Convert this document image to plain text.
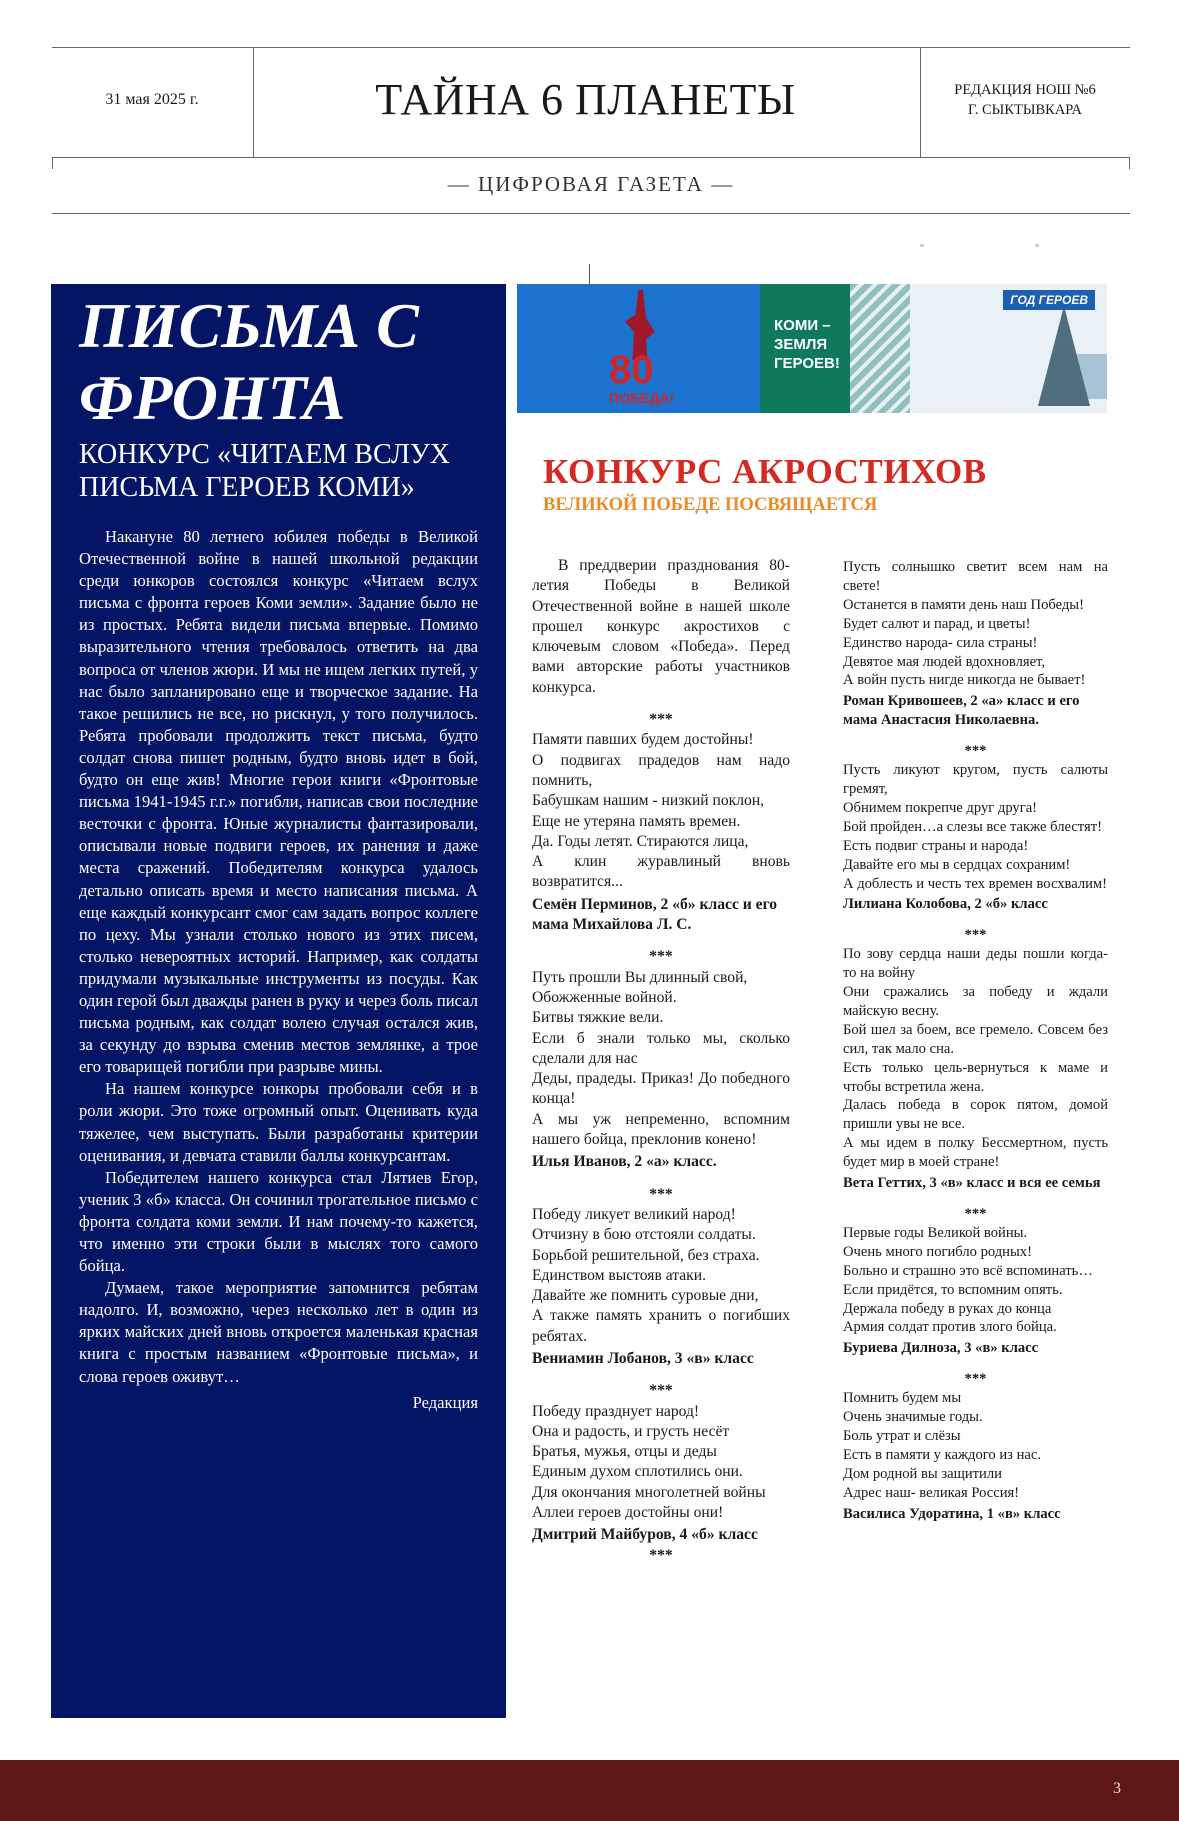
31 мая 2025 г.	ТАЙНА 6 ПЛАНЕТЫ	РЕДАКЦИЯ НОШ №6
Г. СЫКТЫВКАРА
— ЦИФРОВАЯ ГАЗЕТА —
ПИСЬМА С ФРОНТА
КОНКУРС «ЧИТАЕМ ВСЛУХ ПИСЬМА ГЕРОЕВ КОМИ»

Накануне 80 летнего юбилея победы в Великой Отечественной войне в нашей школьной редакции среди юнкоров состоялся конкурс «Читаем вслух письма с фронта героев Коми земли». Задание было не из простых. Ребята видели письма впервые. Помимо выразительного чтения требовалось ответить на два вопроса от членов жюри. И мы не ищем легких путей, у нас было запланировано еще и творческое задание. На такое решились не все, но рискнул, у того получилось. Ребята пробовали продолжить текст письма, будто солдат снова пишет родным, будто вновь идет в бой, будто он еще жив! Многие герои книги «Фронтовые письма 1941-1945 г.г.» погибли, написав свои последние весточки с фронта. Юные журналисты фантазировали, описывали новые подвиги героев, их ранения и даже места сражений. Победителям конкурса удалось детально описать время и место написания письма. А еще каждый конкурсант смог сам задать вопрос коллеге по цеху. Мы узнали столько нового из этих писем, столько невероятных историй. Например, как солдаты придумали музыкальные инструменты из посуды. Как один герой был дважды ранен в руку и через боль писал письма родным, как солдат волею случая остался жив, за секунду до взрыва сменив местов землянке, а трое его товарищей погибли при разрыве мины.

На нашем конкурсе юнкоры пробовали себя и в роли жюри. Это тоже огромный опыт. Оценивать куда тяжелее, чем выступать. Были разработаны критерии оценивания, и девчата ставили баллы конкурсантам.

Победителем нашего конкурса стал Лятиев Егор, ученик 3 «б» класса. Он сочинил трогательное письмо с фронта солдата коми земли. И нам почему-то кажется, что именно эти строки были в мыслях того самого бойца.

Думаем, такое мероприятие запомнится ребятам надолго. И, возможно, через несколько лет в один из ярких майских дней вновь откроется маленькая красная книга с простым названием «Фронтовые письма», и слова героев оживут…

Редакция

80
ПОБЕДА!
КОМИ – ЗЕМЛЯ ГЕРОЕВ!
ГОД ГЕРОЕВ
КОНКУРС АКРОСТИХОВ
ВЕЛИКОЙ ПОБЕДЕ ПОСВЯЩАЕТСЯ

В преддверии празднования 80- летия Победы в Великой Отечественной войне в нашей школе прошел конкурс акростихов с ключевым словом «Победа». Перед вами авторские работы участников конкурса.

***

Памяти павших будем достойны!

О подвигах прадедов нам надо помнить,

Бабушкам нашим - низкий поклон,

Еще не утеряна память времен.

Да. Годы летят. Стираются лица,

А клин журавлиный вновь возвратится...

Семён Перминов, 2 «б» класс и его мама Михайлова Л. С.

***

Путь прошли Вы длинный свой,

Обожженные войной.

Битвы тяжкие вели.

Если б знали только мы, сколько сделали для нас

Деды, прадеды. Приказ! До победного конца!

А мы уж непременно, вспомним нашего бойца, преклонив конено!

Илья Иванов, 2 «а» класс.

***

Победу ликует великий народ!

Отчизну в бою отстояли солдаты.

Борьбой решительной, без страха.

Единством выстояв атаки.

Давайте же помнить суровые дни,

А также память хранить о погибших ребятах.

Вениамин Лобанов, 3 «в» класс

***

Победу празднует народ!

Она и радость, и грусть несёт

Братья, мужья, отцы и деды

Единым духом сплотились они.

Для окончания многолетней войны

Аллеи героев достойны они!

Дмитрий Майбуров, 4 «б» класс

***

Пусть солнышко светит всем нам на свете!

Останется в памяти день наш Победы!

Будет салют и парад, и цветы!

Единство народа- сила страны!

Девятое мая людей вдохновляет,

А войн пусть нигде никогда не бывает!

Роман Кривошеев, 2 «а» класс и его мама Анастасия Николаевна.

***

Пусть ликуют кругом, пусть салюты гремят,

Обнимем покрепче друг друга!

Бой пройден…а слезы все также блестят!

Есть подвиг страны и народа!

Давайте его мы в сердцах сохраним!

А доблесть и честь тех времен восхвалим!

Лилиана Колобова, 2 «б» класс

***

По зову сердца наши деды пошли когда-то на войну

Они сражались за победу и ждали майскую весну.

Бой шел за боем, все гремело. Совсем без сил, так мало сна.

Есть только цель-вернуться к маме и чтобы встретила жена.

Далась победа в сорок пятом, домой пришли увы не все.

А мы идем в полку Бессмертном, пусть будет мир в моей стране!

Вета Геттих, 3 «в» класс и вся ее семья

***

Первые годы Великой войны.

Очень много погибло родных!

Больно и страшно это всё вспоминать…

Если придётся, то вспомним опять.

Держала победу в руках до конца

Армия солдат против злого бойца.

Буриева Дилноза, 3 «в» класс

***

Помнить будем мы

Очень значимые годы.

Боль утрат и слёзы

Есть в памяти у каждого из нас.

Дом родной вы защитили

Адрес наш- великая Россия!

Василиса Удоратина, 1 «в» класс

3
